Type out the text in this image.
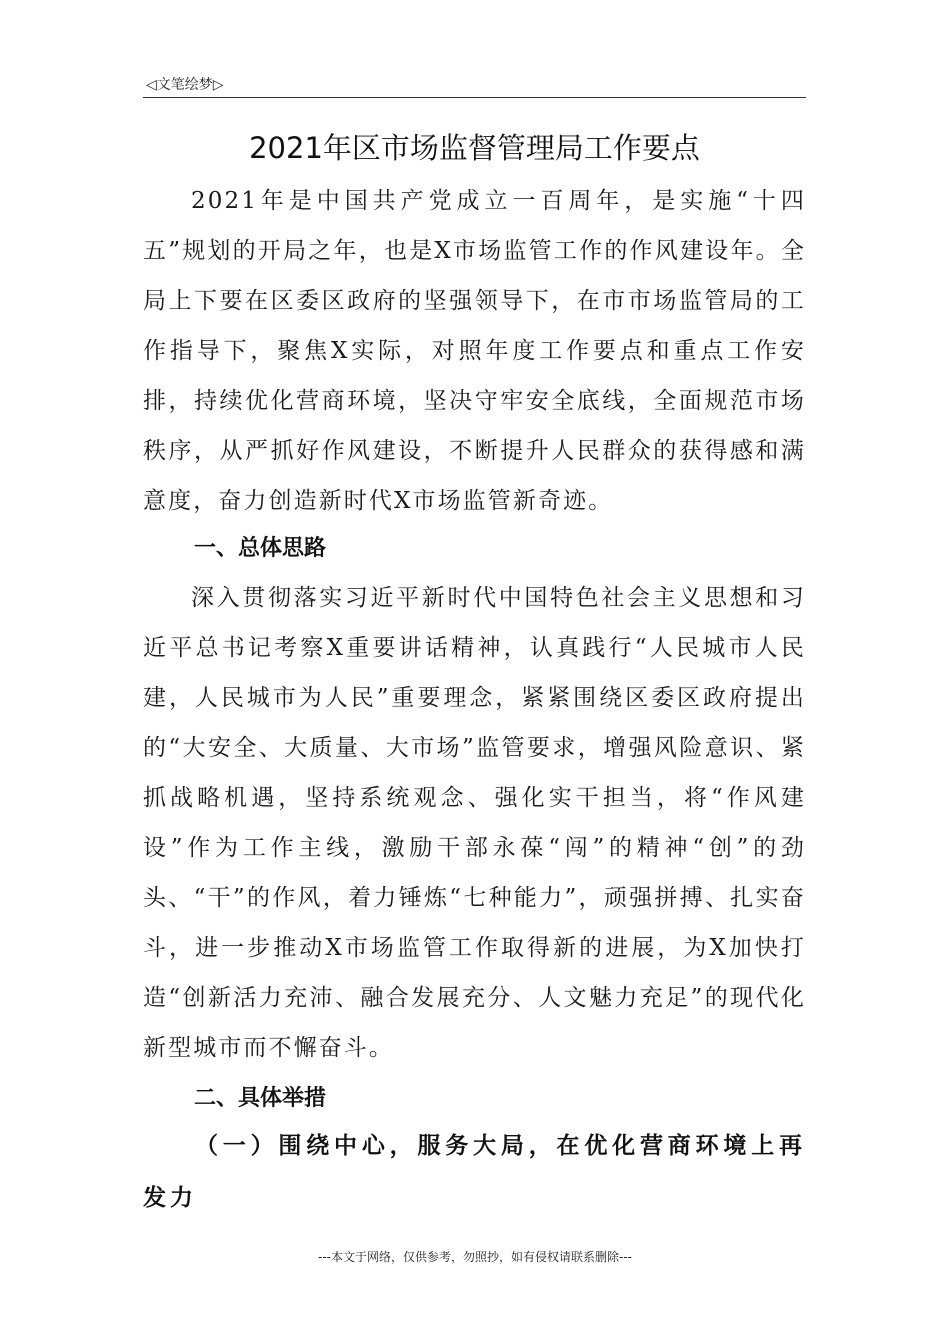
◁文笔绘梦▷
2021年区市场监督管理局工作要点

2021年是中国共产党成立一百周年，是实施“十四五”规划的开局之年，也是X市场监管工作的作风建设年。全局上下要在区委区政府的坚强领导下，在市市场监管局的工作指导下，聚焦X实际，对照年度工作要点和重点工作安排，持续优化营商环境，坚决守牢安全底线，全面规范市场秩序，从严抓好作风建设，不断提升人民群众的获得感和满意度，奋力创造新时代X市场监管新奇迹。

一、总体思路

深入贯彻落实习近平新时代中国特色社会主义思想和习近平总书记考察X重要讲话精神，认真践行“人民城市人民建，人民城市为人民”重要理念，紧紧围绕区委区政府提出的“大安全、大质量、大市场”监管要求，增强风险意识、紧抓战略机遇，坚持系统观念、强化实干担当，将“作风建设”作为工作主线，激励干部永葆“闯”的精神“创”的劲头、“干”的作风，着力锤炼“七种能力”，顽强拼搏、扎实奋斗，进一步推动X市场监管工作取得新的进展，为X加快打造“创新活力充沛、融合发展充分、人文魅力充足”的现代化新型城市而不懈奋斗。

二、具体举措

（一）围绕中心，服务大局，在优化营商环境上再发力

---本文于网络，仅供参考，勿照抄，如有侵权请联系删除---
